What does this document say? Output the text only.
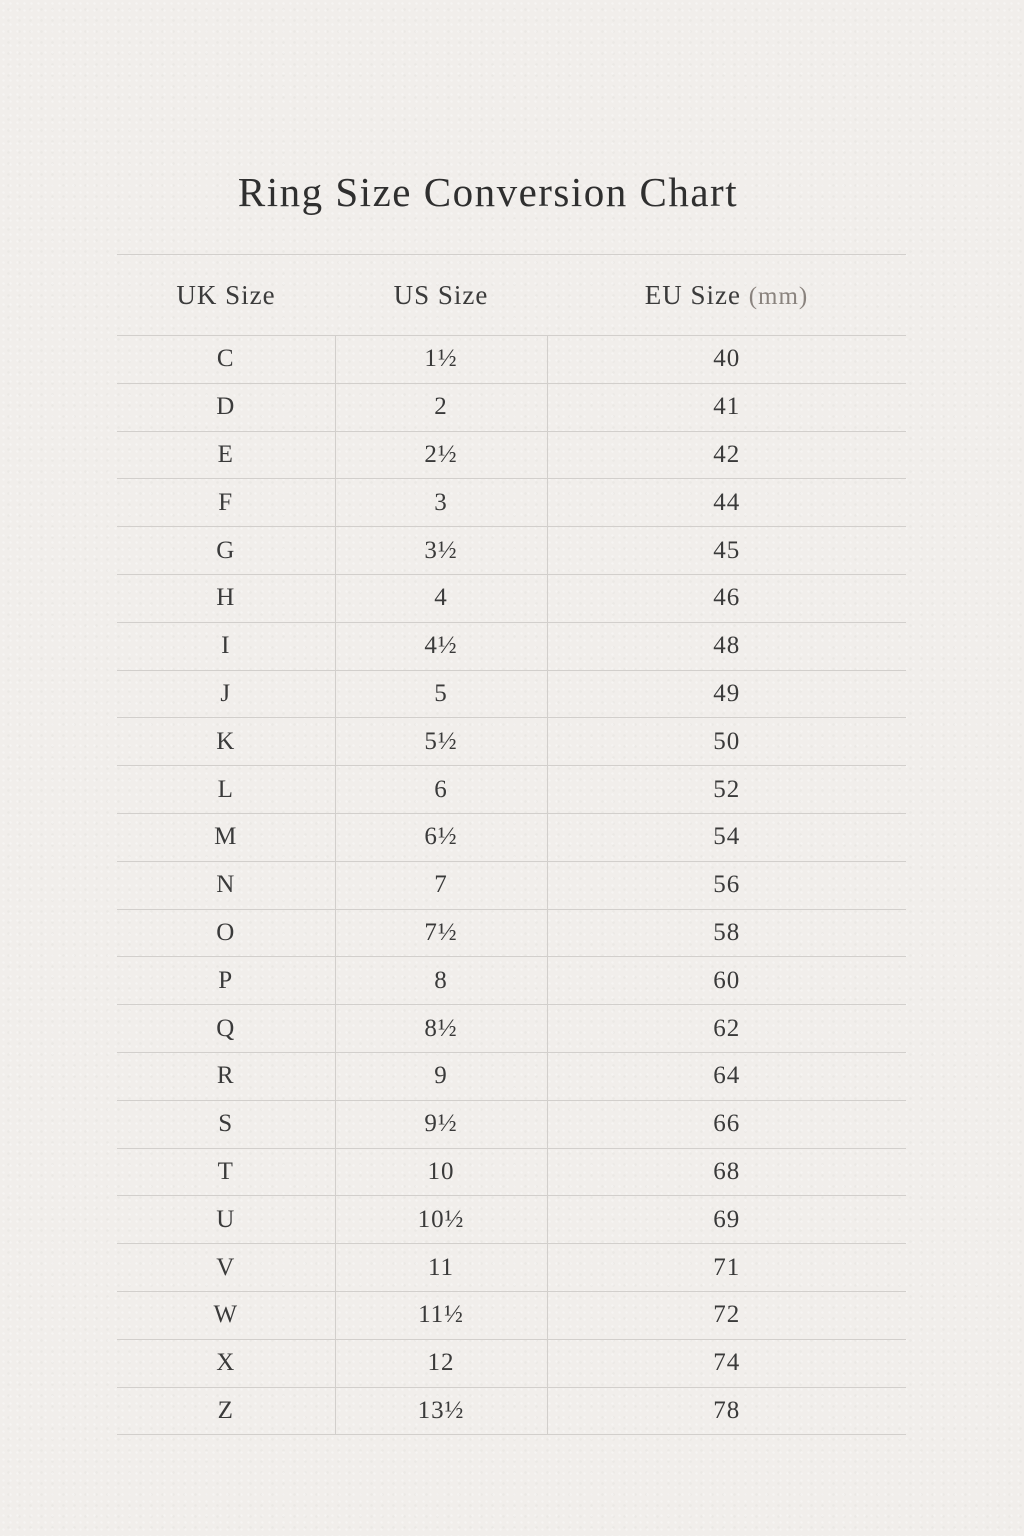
Ring Size Conversion Chart
UK Size	US Size	EU Size (mm)
C	1½	40
D	2	41
E	2½	42
F	3	44
G	3½	45
H	4	46
I	4½	48
J	5	49
K	5½	50
L	6	52
M	6½	54
N	7	56
O	7½	58
P	8	60
Q	8½	62
R	9	64
S	9½	66
T	10	68
U	10½	69
V	11	71
W	11½	72
X	12	74
Z	13½	78
